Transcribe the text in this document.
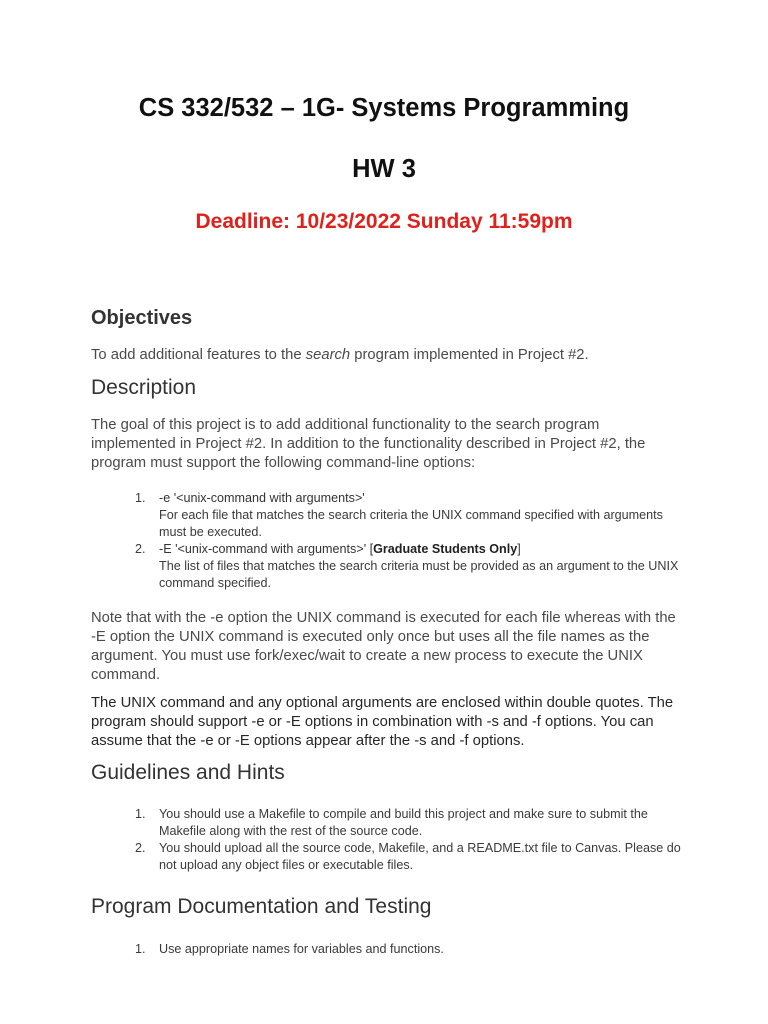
CS 332/532 – 1G- Systems Programming
HW 3
Deadline: 10/23/2022 Sunday 11:59pm
Objectives
To add additional features to the search program implemented in Project #2.
Description
The goal of this project is to add additional functionality to the search program implemented in Project #2. In addition to the functionality described in Project #2, the program must support the following command-line options:
1. -e '<unix-command with arguments>'
For each file that matches the search criteria the UNIX command specified with arguments must be executed.
2. -E '<unix-command with arguments>' [Graduate Students Only]
The list of files that matches the search criteria must be provided as an argument to the UNIX command specified.
Note that with the -e option the UNIX command is executed for each file whereas with the -E option the UNIX command is executed only once but uses all the file names as the argument. You must use fork/exec/wait to create a new process to execute the UNIX command.
The UNIX command and any optional arguments are enclosed within double quotes. The program should support -e or -E options in combination with -s and -f options. You can assume that the -e or -E options appear after the -s and -f options.
Guidelines and Hints
1. You should use a Makefile to compile and build this project and make sure to submit the Makefile along with the rest of the source code.
2. You should upload all the source code, Makefile, and a README.txt file to Canvas. Please do not upload any object files or executable files.
Program Documentation and Testing
1. Use appropriate names for variables and functions.
